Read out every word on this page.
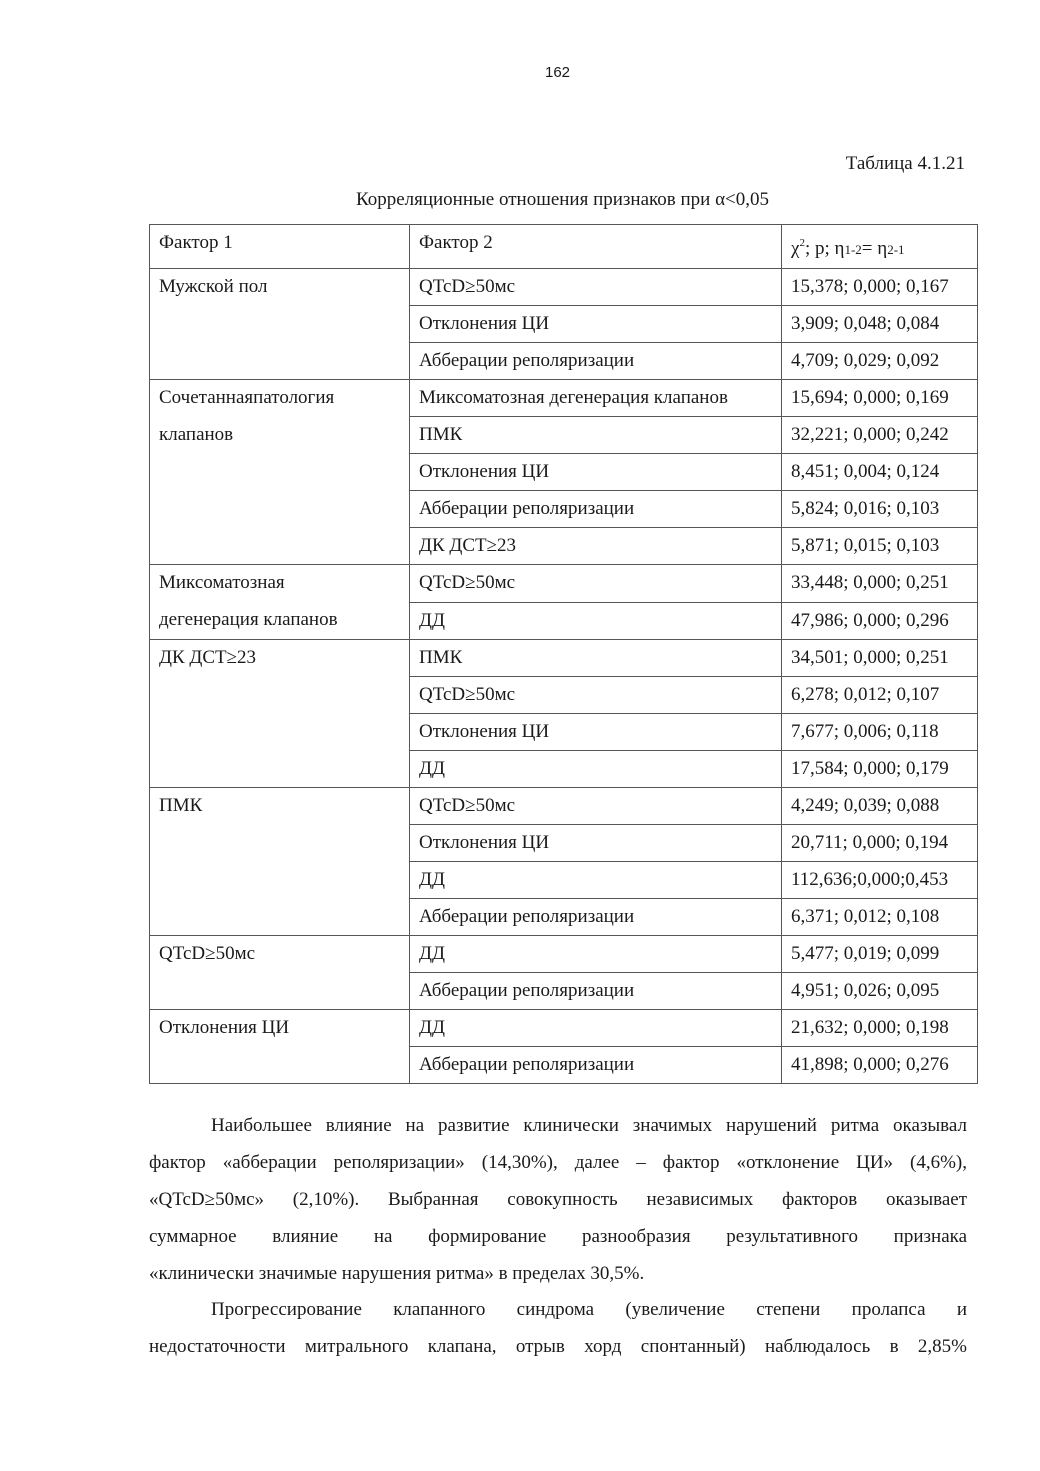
162
Таблица 4.1.21
Корреляционные отношения признаков при α<0,05
Фактор 1	Фактор 2	$\chi^2$; p; η1-2= η2-1

Мужской пол	QTcD≥50мс	15,378; 0,000; 0,167
	Отклонения ЦИ	3,909; 0,048; 0,084
	Абберации реполяризации	4,709; 0,029; 0,092

Сочетаннаяпатология
клапанов	Миксоматозная дегенерация клапанов	15,694; 0,000; 0,169
	ПМК	32,221; 0,000; 0,242
	Отклонения ЦИ	8,451; 0,004; 0,124
	Абберации реполяризации	5,824; 0,016; 0,103
	ДК ДСТ≥23	5,871; 0,015; 0,103

Миксоматозная
дегенерация клапанов	QTcD≥50мс	33,448; 0,000; 0,251
	ДД	47,986; 0,000; 0,296

ДК ДСТ≥23	ПМК	34,501; 0,000; 0,251
	QTcD≥50мс	6,278; 0,012; 0,107
	Отклонения ЦИ	7,677; 0,006; 0,118
	ДД	17,584; 0,000; 0,179

ПМК	QTcD≥50мс	4,249; 0,039; 0,088
	Отклонения ЦИ	20,711; 0,000; 0,194
	ДД	112,636;0,000;0,453
	Абберации реполяризации	6,371; 0,012; 0,108

QTcD≥50мс	ДД	5,477; 0,019; 0,099
	Абберации реполяризации	4,951; 0,026; 0,095

Отклонения ЦИ	ДД	21,632; 0,000; 0,198
	Абберации реполяризации	41,898; 0,000; 0,276
Наибольшее влияние на развитие клинически значимых нарушений ритма оказывал
фактор «абберации реполяризации» (14,30%), далее – фактор «отклонение ЦИ» (4,6%),
«QTcD≥50мс» (2,10%). Выбранная совокупность независимых факторов оказывает
суммарное влияние на формирование разнообразия результативного признака
«клинически значимые нарушения ритма» в пределах 30,5%.
Прогрессирование клапанного синдрома (увеличение степени пролапса и
недостаточности митрального клапана, отрыв хорд спонтанный) наблюдалось в 2,85%
